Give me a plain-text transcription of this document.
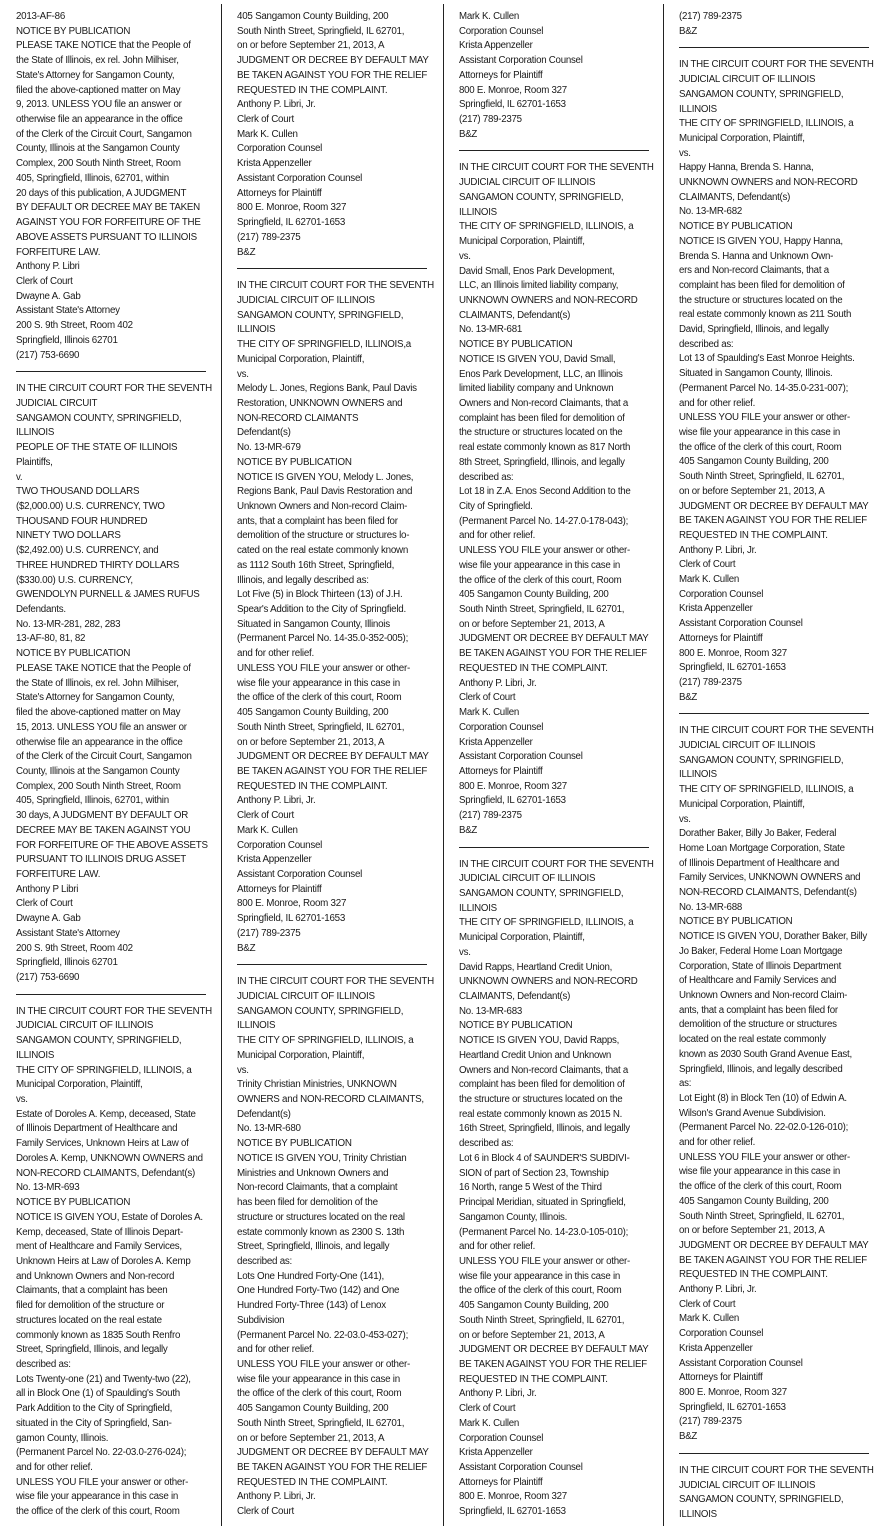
2013-AF-86
NOTICE BY PUBLICATION
PLEASE TAKE NOTICE that the People of
the State of Illinois, ex rel. John Milhiser,
State's Attorney for Sangamon County,
filed the above-captioned matter on May
9, 2013. UNLESS YOU file an answer or
otherwise file an appearance in the office
of the Clerk of the Circuit Court, Sangamon
County, Illinois at the Sangamon County
Complex, 200 South Ninth Street, Room
405, Springfield, Illinois, 62701, within
20 days of this publication, A JUDGMENT
BY DEFAULT OR DECREE MAY BE TAKEN
AGAINST YOU FOR FORFEITURE OF THE
ABOVE ASSETS PURSUANT TO ILLINOIS
FORFEITURE LAW.
Anthony P. Libri
Clerk of Court
Dwayne A. Gab
Assistant State's Attorney
200 S. 9th Street, Room 402
Springfield, Illinois 62701
(217) 753-6690
IN THE CIRCUIT COURT FOR THE SEVENTH
JUDICIAL CIRCUIT
SANGAMON COUNTY, SPRINGFIELD,
ILLINOIS
PEOPLE OF THE STATE OF ILLINOIS
Plaintiffs,
v.
TWO THOUSAND DOLLARS
($2,000.00) U.S. CURRENCY, TWO
THOUSAND FOUR HUNDRED
NINETY TWO DOLLARS
($2,492.00) U.S. CURRENCY, and
THREE HUNDRED THIRTY DOLLARS
($330.00) U.S. CURRENCY,
GWENDOLYN PURNELL & JAMES RUFUS
Defendants.
No. 13-MR-281, 282, 283
13-AF-80, 81, 82
NOTICE BY PUBLICATION
PLEASE TAKE NOTICE that the People of
the State of Illinois, ex rel. John Milhiser,
State's Attorney for Sangamon County,
filed the above-captioned matter on May
15, 2013. UNLESS YOU file an answer or
otherwise file an appearance in the office
of the Clerk of the Circuit Court, Sangamon
County, Illinois at the Sangamon County
Complex, 200 South Ninth Street, Room
405, Springfield, Illinois, 62701, within
30 days, A JUDGMENT BY DEFAULT OR
DECREE MAY BE TAKEN AGAINST YOU
FOR FORFEITURE OF THE ABOVE ASSETS
PURSUANT TO ILLINOIS DRUG ASSET
FORFEITURE LAW.
Anthony P Libri
Clerk of Court
Dwayne A. Gab
Assistant State's Attorney
200 S. 9th Street, Room 402
Springfield, Illinois 62701
(217) 753-6690
IN THE CIRCUIT COURT FOR THE SEVENTH
JUDICIAL CIRCUIT OF ILLINOIS
SANGAMON COUNTY, SPRINGFIELD,
ILLINOIS
THE CITY OF SPRINGFIELD, ILLINOIS, a
Municipal Corporation, Plaintiff,
vs.
Estate of Doroles A. Kemp, deceased, State
of Illinois Department of Healthcare and
Family Services, Unknown Heirs at Law of
Doroles A. Kemp, UNKNOWN OWNERS and
NON-RECORD CLAIMANTS, Defendant(s)
No. 13-MR-693
NOTICE BY PUBLICATION
NOTICE IS GIVEN YOU, Estate of Doroles A.
Kemp, deceased, State of Illinois Depart-
ment of Healthcare and Family Services,
Unknown Heirs at Law of Doroles A. Kemp
and Unknown Owners and Non-record
Claimants, that a complaint has been
filed for demolition of the structure or
structures located on the real estate
commonly known as 1835 South Renfro
Street, Springfield, Illinois, and legally
described as:
Lots Twenty-one (21) and Twenty-two (22),
all in Block One (1) of Spaulding's South
Park Addition to the City of Springfield,
situated in the City of Springfield, San-
gamon County, Illinois.
(Permanent Parcel No. 22-03.0-276-024);
and for other relief.
UNLESS YOU FILE your answer or other-
wise file your appearance in this case in
the office of the clerk of this court, Room
405 Sangamon County Building, 200
South Ninth Street, Springfield, IL 62701,
on or before September 21, 2013, A
JUDGMENT OR DECREE BY DEFAULT MAY
BE TAKEN AGAINST YOU FOR THE RELIEF
REQUESTED IN THE COMPLAINT.
Anthony P. Libri, Jr.
Clerk of Court
Mark K. Cullen
Corporation Counsel
Krista Appenzeller
Assistant Corporation Counsel
Attorneys for Plaintiff
800 E. Monroe, Room 327
Springfield, IL 62701-1653
(217) 789-2375
B&Z
IN THE CIRCUIT COURT FOR THE SEVENTH
JUDICIAL CIRCUIT OF ILLINOIS
SANGAMON COUNTY, SPRINGFIELD,
ILLINOIS
THE CITY OF SPRINGFIELD, ILLINOIS,a
Municipal Corporation, Plaintiff,
vs.
Melody L. Jones, Regions Bank, Paul Davis
Restoration, UNKNOWN OWNERS and
NON-RECORD CLAIMANTS
Defendant(s)
No. 13-MR-679
NOTICE BY PUBLICATION
NOTICE IS GIVEN YOU, Melody L. Jones,
Regions Bank, Paul Davis Restoration and
Unknown Owners and Non-record Claim-
ants, that a complaint has been filed for
demolition of the structure or structures lo-
cated on the real estate commonly known
as 1112 South 16th Street, Springfield,
Illinois, and legally described as:
Lot Five (5) in Block Thirteen (13) of J.H.
Spear's Addition to the City of Springfield.
Situated in Sangamon County, Illinois
(Permanent Parcel No. 14-35.0-352-005);
and for other relief.
UNLESS YOU FILE your answer or other-
wise file your appearance in this case in
the office of the clerk of this court, Room
405 Sangamon County Building, 200
South Ninth Street, Springfield, IL 62701,
on or before September 21, 2013, A
JUDGMENT OR DECREE BY DEFAULT MAY
BE TAKEN AGAINST YOU FOR THE RELIEF
REQUESTED IN THE COMPLAINT.
Anthony P. Libri, Jr.
Clerk of Court
Mark K. Cullen
Corporation Counsel
Krista Appenzeller
Assistant Corporation Counsel
Attorneys for Plaintiff
800 E. Monroe, Room 327
Springfield, IL 62701-1653
(217) 789-2375
B&Z
IN THE CIRCUIT COURT FOR THE SEVENTH
JUDICIAL CIRCUIT OF ILLINOIS
SANGAMON COUNTY, SPRINGFIELD,
ILLINOIS
THE CITY OF SPRINGFIELD, ILLINOIS, a
Municipal Corporation, Plaintiff,
vs.
Trinity Christian Ministries, UNKNOWN
OWNERS and NON-RECORD CLAIMANTS,
Defendant(s)
No. 13-MR-680
NOTICE BY PUBLICATION
NOTICE IS GIVEN YOU, Trinity Christian
Ministries and Unknown Owners and
Non-record Claimants, that a complaint
has been filed for demolition of the
structure or structures located on the real
estate commonly known as 2300 S. 13th
Street, Springfield, Illinois, and legally
described as:
Lots One Hundred Forty-One (141),
One Hundred Forty-Two (142) and One
Hundred Forty-Three (143) of Lenox
Subdivision
(Permanent Parcel No. 22-03.0-453-027);
and for other relief.
UNLESS YOU FILE your answer or other-
wise file your appearance in this case in
the office of the clerk of this court, Room
405 Sangamon County Building, 200
South Ninth Street, Springfield, IL 62701,
on or before September 21, 2013, A
JUDGMENT OR DECREE BY DEFAULT MAY
BE TAKEN AGAINST YOU FOR THE RELIEF
REQUESTED IN THE COMPLAINT.
Anthony P. Libri, Jr.
Clerk of Court
Mark K. Cullen
Corporation Counsel
Krista Appenzeller
Assistant Corporation Counsel
Attorneys for Plaintiff
800 E. Monroe, Room 327
Springfield, IL 62701-1653
(217) 789-2375
B&Z
IN THE CIRCUIT COURT FOR THE SEVENTH
JUDICIAL CIRCUIT OF ILLINOIS
SANGAMON COUNTY, SPRINGFIELD,
ILLINOIS
THE CITY OF SPRINGFIELD, ILLINOIS, a
Municipal Corporation, Plaintiff,
vs.
David Small, Enos Park Development,
LLC, an Illinois limited liability company,
UNKNOWN OWNERS and NON-RECORD
CLAIMANTS, Defendant(s)
No. 13-MR-681
NOTICE BY PUBLICATION
NOTICE IS GIVEN YOU, David Small,
Enos Park Development, LLC, an Illinois
limited liability company and Unknown
Owners and Non-record Claimants, that a
complaint has been filed for demolition of
the structure or structures located on the
real estate commonly known as 817 North
8th Street, Springfield, Illinois, and legally
described as:
Lot 18 in Z.A. Enos Second Addition to the
City of Springfield.
(Permanent Parcel No. 14-27.0-178-043);
and for other relief.
UNLESS YOU FILE your answer or other-
wise file your appearance in this case in
the office of the clerk of this court, Room
405 Sangamon County Building, 200
South Ninth Street, Springfield, IL 62701,
on or before September 21, 2013, A
JUDGMENT OR DECREE BY DEFAULT MAY
BE TAKEN AGAINST YOU FOR THE RELIEF
REQUESTED IN THE COMPLAINT.
Anthony P. Libri, Jr.
Clerk of Court
Mark K. Cullen
Corporation Counsel
Krista Appenzeller
Assistant Corporation Counsel
Attorneys for Plaintiff
800 E. Monroe, Room 327
Springfield, IL 62701-1653
(217) 789-2375
B&Z
IN THE CIRCUIT COURT FOR THE SEVENTH
JUDICIAL CIRCUIT OF ILLINOIS
SANGAMON COUNTY, SPRINGFIELD,
ILLINOIS
THE CITY OF SPRINGFIELD, ILLINOIS, a
Municipal Corporation, Plaintiff,
vs.
David Rapps, Heartland Credit Union,
UNKNOWN OWNERS and NON-RECORD
CLAIMANTS, Defendant(s)
No. 13-MR-683
NOTICE BY PUBLICATION
NOTICE IS GIVEN YOU, David Rapps,
Heartland Credit Union and Unknown
Owners and Non-record Claimants, that a
complaint has been filed for demolition of
the structure or structures located on the
real estate commonly known as 2015 N.
16th Street, Springfield, Illinois, and legally
described as:
Lot 6 in Block 4 of SAUNDER'S SUBDIVI-
SION of part of Section 23, Township
16 North, range 5 West of the Third
Principal Meridian, situated in Springfield,
Sangamon County, Illinois.
(Permanent Parcel No. 14-23.0-105-010);
and for other relief.
UNLESS YOU FILE your answer or other-
wise file your appearance in this case in
the office of the clerk of this court, Room
405 Sangamon County Building, 200
South Ninth Street, Springfield, IL 62701,
on or before September 21, 2013, A
JUDGMENT OR DECREE BY DEFAULT MAY
BE TAKEN AGAINST YOU FOR THE RELIEF
REQUESTED IN THE COMPLAINT.
Anthony P. Libri, Jr.
Clerk of Court
Mark K. Cullen
Corporation Counsel
Krista Appenzeller
Assistant Corporation Counsel
Attorneys for Plaintiff
800 E. Monroe, Room 327
Springfield, IL 62701-1653
(217) 789-2375
B&Z
IN THE CIRCUIT COURT FOR THE SEVENTH
JUDICIAL CIRCUIT OF ILLINOIS
SANGAMON COUNTY, SPRINGFIELD,
ILLINOIS
THE CITY OF SPRINGFIELD, ILLINOIS, a
Municipal Corporation, Plaintiff,
vs.
Happy Hanna, Brenda S. Hanna,
UNKNOWN OWNERS and NON-RECORD
CLAIMANTS, Defendant(s)
No. 13-MR-682
NOTICE BY PUBLICATION
NOTICE IS GIVEN YOU, Happy Hanna,
Brenda S. Hanna and Unknown Own-
ers and Non-record Claimants, that a
complaint has been filed for demolition of
the structure or structures located on the
real estate commonly known as 211 South
David, Springfield, Illinois, and legally
described as:
Lot 13 of Spaulding's East Monroe Heights.
Situated in Sangamon County, Illinois.
(Permanent Parcel No. 14-35.0-231-007);
and for other relief.
UNLESS YOU FILE your answer or other-
wise file your appearance in this case in
the office of the clerk of this court, Room
405 Sangamon County Building, 200
South Ninth Street, Springfield, IL 62701,
on or before September 21, 2013, A
JUDGMENT OR DECREE BY DEFAULT MAY
BE TAKEN AGAINST YOU FOR THE RELIEF
REQUESTED IN THE COMPLAINT.
Anthony P. Libri, Jr.
Clerk of Court
Mark K. Cullen
Corporation Counsel
Krista Appenzeller
Assistant Corporation Counsel
Attorneys for Plaintiff
800 E. Monroe, Room 327
Springfield, IL 62701-1653
(217) 789-2375
B&Z
IN THE CIRCUIT COURT FOR THE SEVENTH
JUDICIAL CIRCUIT OF ILLINOIS
SANGAMON COUNTY, SPRINGFIELD,
ILLINOIS
THE CITY OF SPRINGFIELD, ILLINOIS, a
Municipal Corporation, Plaintiff,
vs.
Dorather Baker, Billy Jo Baker, Federal
Home Loan Mortgage Corporation, State
of Illinois Department of Healthcare and
Family Services, UNKNOWN OWNERS and
NON-RECORD CLAIMANTS, Defendant(s)
No. 13-MR-688
NOTICE BY PUBLICATION
NOTICE IS GIVEN YOU, Dorather Baker, Billy
Jo Baker, Federal Home Loan Mortgage
Corporation, State of Illinois Department
of Healthcare and Family Services and
Unknown Owners and Non-record Claim-
ants, that a complaint has been filed for
demolition of the structure or structures
located on the real estate commonly
known as 2030 South Grand Avenue East,
Springfield, Illinois, and legally described
as:
Lot Eight (8) in Block Ten (10) of Edwin A.
Wilson's Grand Avenue Subdivision.
(Permanent Parcel No. 22-02.0-126-010);
and for other relief.
UNLESS YOU FILE your answer or other-
wise file your appearance in this case in
the office of the clerk of this court, Room
405 Sangamon County Building, 200
South Ninth Street, Springfield, IL 62701,
on or before September 21, 2013, A
JUDGMENT OR DECREE BY DEFAULT MAY
BE TAKEN AGAINST YOU FOR THE RELIEF
REQUESTED IN THE COMPLAINT.
Anthony P. Libri, Jr.
Clerk of Court
Mark K. Cullen
Corporation Counsel
Krista Appenzeller
Assistant Corporation Counsel
Attorneys for Plaintiff
800 E. Monroe, Room 327
Springfield, IL 62701-1653
(217) 789-2375
B&Z
IN THE CIRCUIT COURT FOR THE SEVENTH
JUDICIAL CIRCUIT OF ILLINOIS
SANGAMON COUNTY, SPRINGFIELD,
ILLINOIS
